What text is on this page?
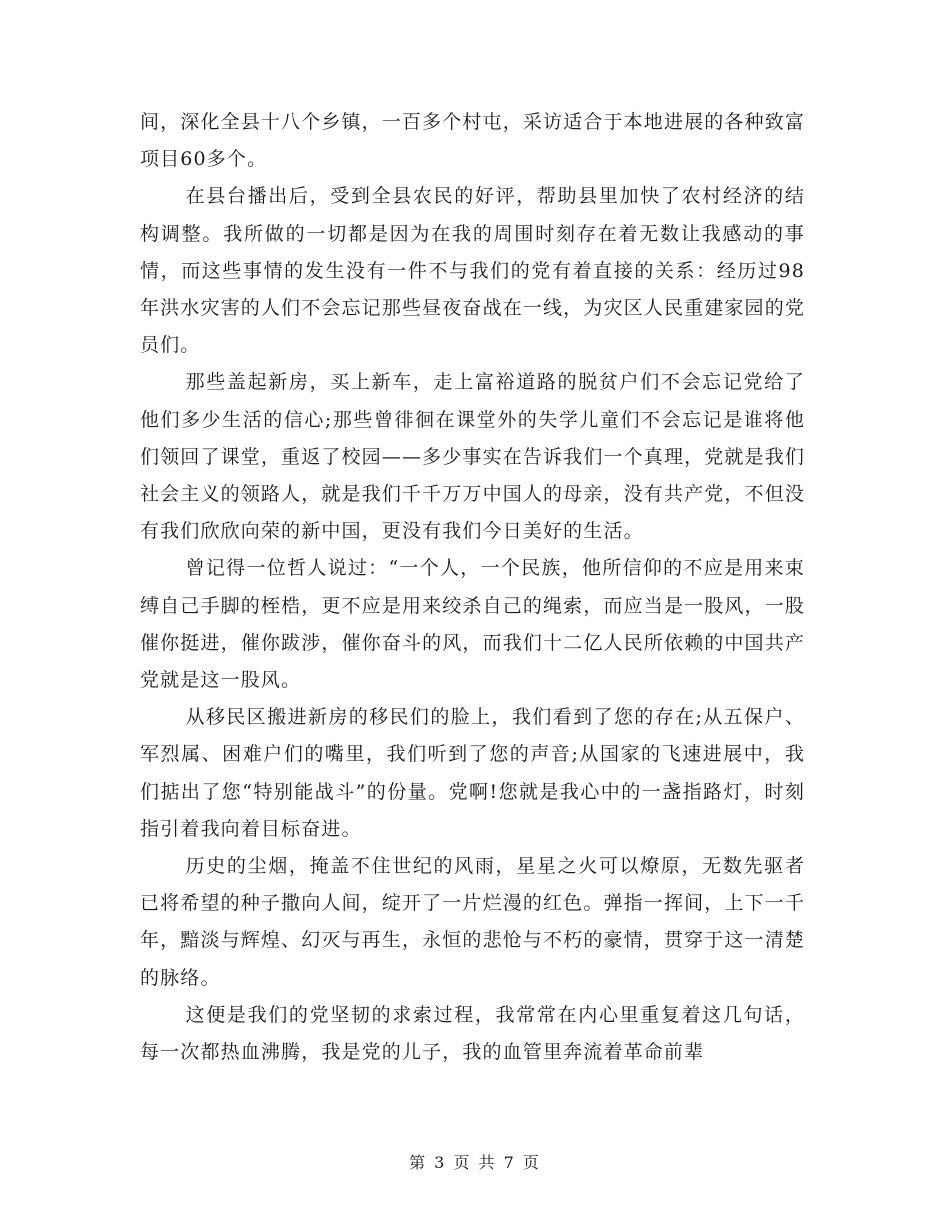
间，深化全县十八个乡镇，一百多个村屯，采访适合于本地进展的各种致富项目60多个。

在县台播出后，受到全县农民的好评，帮助县里加快了农村经济的结构调整。我所做的一切都是因为在我的周围时刻存在着无数让我感动的事情，而这些事情的发生没有一件不与我们的党有着直接的关系：经历过98年洪水灾害的人们不会忘记那些昼夜奋战在一线，为灾区人民重建家园的党员们。

那些盖起新房，买上新车，走上富裕道路的脱贫户们不会忘记党给了他们多少生活的信心;那些曾徘徊在课堂外的失学儿童们不会忘记是谁将他们领回了课堂，重返了校园——多少事实在告诉我们一个真理，党就是我们社会主义的领路人，就是我们千千万万中国人的母亲，没有共产党，不但没有我们欣欣向荣的新中国，更没有我们今日美好的生活。

曾记得一位哲人说过：“一个人，一个民族，他所信仰的不应是用来束缚自己手脚的桎梏，更不应是用来绞杀自己的绳索，而应当是一股风，一股催你挺进，催你跋涉，催你奋斗的风，而我们十二亿人民所依赖的中国共产党就是这一股风。

从移民区搬进新房的移民们的脸上，我们看到了您的存在;从五保户、军烈属、困难户们的嘴里，我们听到了您的声音;从国家的飞速进展中，我们掂出了您“特别能战斗”的份量。党啊!您就是我心中的一盏指路灯，时刻指引着我向着目标奋进。

历史的尘烟，掩盖不住世纪的风雨，星星之火可以燎原，无数先驱者已将希望的种子撒向人间，绽开了一片烂漫的红色。弹指一挥间，上下一千年，黯淡与辉煌、幻灭与再生，永恒的悲怆与不朽的豪情，贯穿于这一清楚的脉络。

这便是我们的党坚韧的求索过程，我常常在内心里重复着这几句话，每一次都热血沸腾，我是党的儿子，我的血管里奔流着革命前辈

第 3 页 共 7 页
